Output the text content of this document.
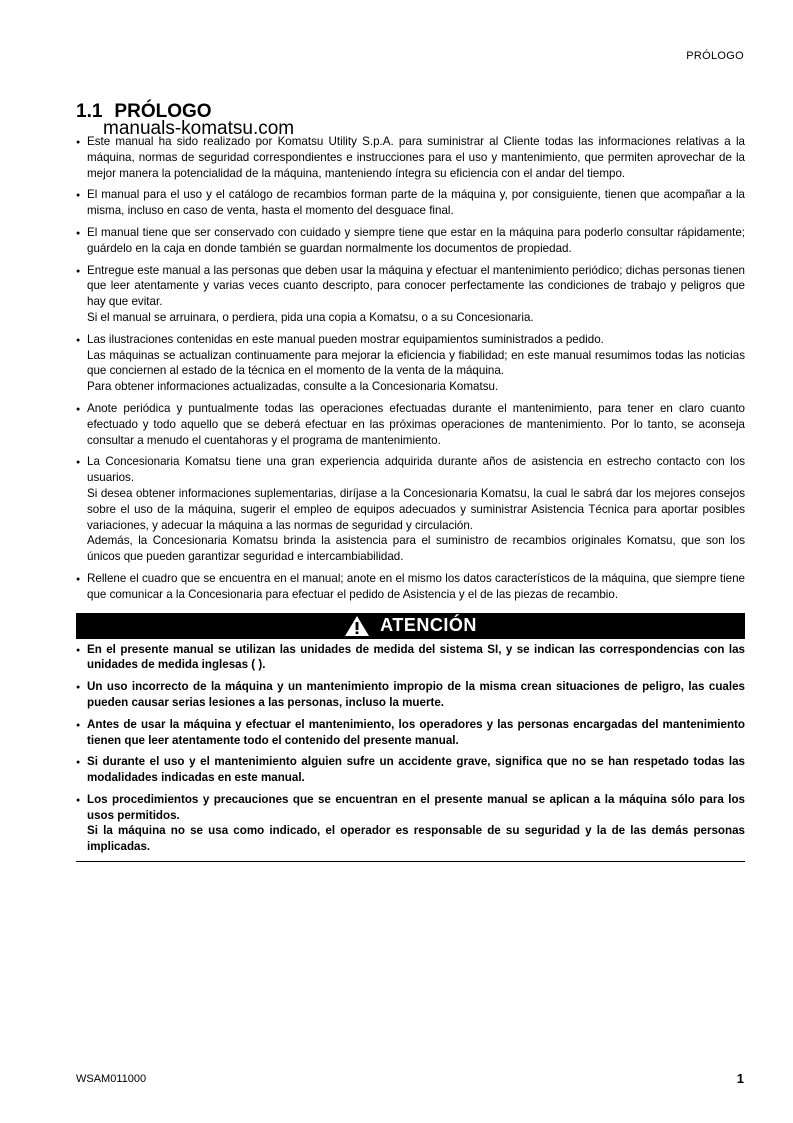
PRÓLOGO
1.1 PRÓLOGO
manuals-komatsu.com
● Este manual ha sido realizado por Komatsu Utility S.p.A. para suministrar al Cliente todas las informaciones relativas a la máquina, normas de seguridad correspondientes e instrucciones para el uso y mantenimiento, que permiten aprovechar de la mejor manera la potencialidad de la máquina, manteniendo íntegra su eficiencia con el andar del tiempo.
● El manual para el uso y el catálogo de recambios forman parte de la máquina y, por consiguiente, tienen que acompañar a la misma, incluso en caso de venta, hasta el momento del desguace final.
● El manual tiene que ser conservado con cuidado y siempre tiene que estar en la máquina para poderlo consultar rápidamente; guárdelo en la caja en donde también se guardan normalmente los documentos de propiedad.
● Entregue este manual a las personas que deben usar la máquina y efectuar el mantenimiento periódico; dichas personas tienen que leer atentamente y varias veces cuanto descripto, para conocer perfectamente las condiciones de trabajo y peligros que hay que evitar.
Si el manual se arruinara, o perdiera, pida una copia a Komatsu, o a su Concesionaria.
● Las ilustraciones contenidas en este manual pueden mostrar equipamientos suministrados a pedido.
Las máquinas se actualizan continuamente para mejorar la eficiencia y fiabilidad; en este manual resumimos todas las noticias que conciernen al estado de la técnica en el momento de la venta de la máquina.
Para obtener informaciones actualizadas, consulte a la Concesionaria Komatsu.
● Anote periódica y puntualmente todas las operaciones efectuadas durante el mantenimiento, para tener en claro cuanto efectuado y todo aquello que se deberá efectuar en las próximas operaciones de mantenimiento. Por lo tanto, se aconseja consultar a menudo el cuentahoras y el programa de mantenimiento.
● La Concesionaria Komatsu tiene una gran experiencia adquirida durante años de asistencia en estrecho contacto con los usuarios.
Si desea obtener informaciones suplementarias, diríjase a la Concesionaria Komatsu, la cual le sabrá dar los mejores consejos sobre el uso de la máquina, sugerir el empleo de equipos adecuados y suministrar Asistencia Técnica para aportar posibles variaciones, y adecuar la máquina a las normas de seguridad y circulación.
Además, la Concesionaria Komatsu brinda la asistencia para el suministro de recambios originales Komatsu, que son los únicos que pueden garantizar seguridad e intercambiabilidad.
● Rellene el cuadro que se encuentra en el manual; anote en el mismo los datos característicos de la máquina, que siempre tiene que comunicar a la Concesionaria para efectuar el pedido de Asistencia y el de las piezas de recambio.
ATENCIÓN
● En el presente manual se utilizan las unidades de medida del sistema SI, y se indican las correspondencias con las unidades de medida inglesas ( ).
● Un uso incorrecto de la máquina y un mantenimiento impropio de la misma crean situaciones de peligro, las cuales pueden causar serias lesiones a las personas, incluso la muerte.
● Antes de usar la máquina y efectuar el mantenimiento, los operadores y las personas encargadas del mantenimiento tienen que leer atentamente todo el contenido del presente manual.
● Si durante el uso y el mantenimiento alguien sufre un accidente grave, significa que no se han respetado todas las modalidades indicadas en este manual.
● Los procedimientos y precauciones que se encuentran en el presente manual se aplican a la máquina sólo para los usos permitidos.
Si la máquina no se usa como indicado, el operador es responsable de su seguridad y la de las demás personas implicadas.
WSAM011000	1
